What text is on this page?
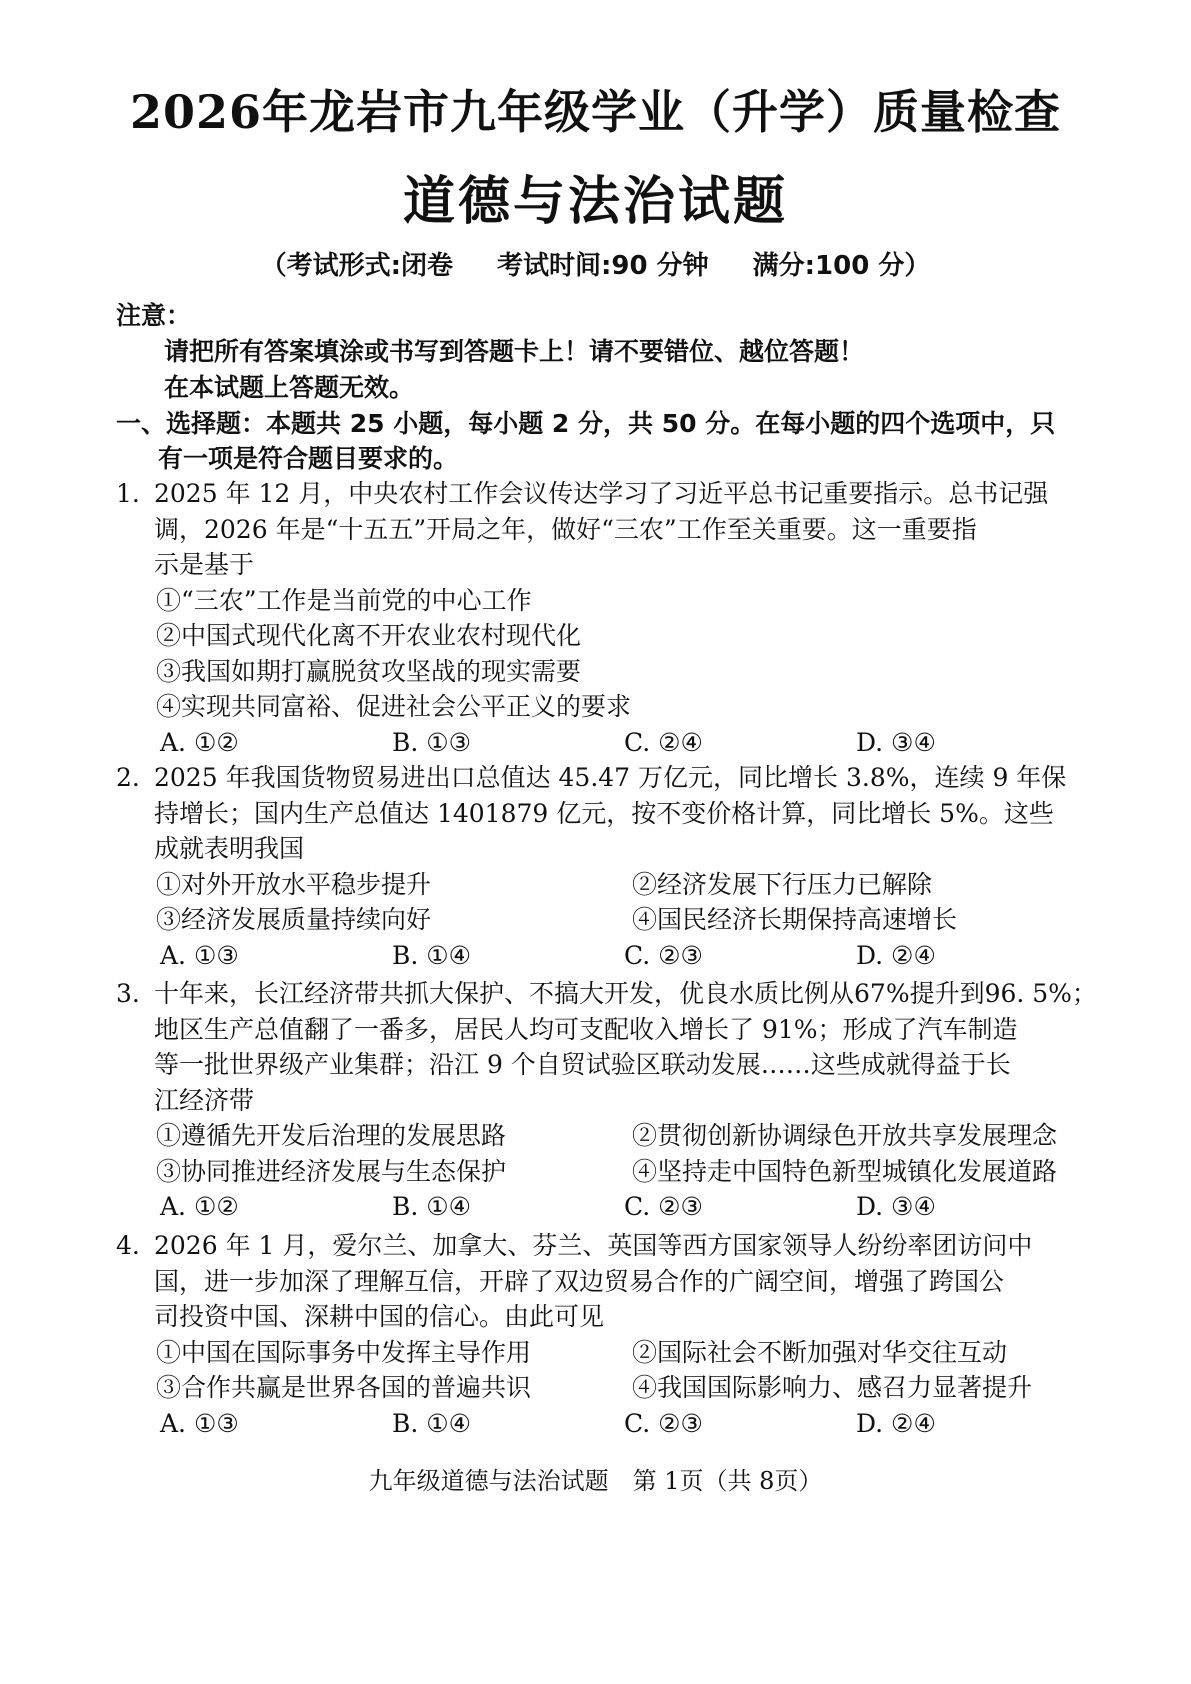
2026年龙岩市九年级学业（升学）质量检查
道德与法治试题
（考试形式:闭卷 考试时间:90 分钟 满分:100 分）
注意：
请把所有答案填涂或书写到答题卡上！请不要错位、越位答题！
在本试题上答题无效。
一、选择题：本题共 25 小题，每小题 2 分，共 50 分。在每小题的四个选项中，只
有一项是符合题目要求的。
1. 2025 年 12 月，中央农村工作会议传达学习了习近平总书记重要指示。总书记强
调，2026 年是“十五五”开局之年，做好“三农”工作至关重要。这一重要指
示是基于
①“三农”工作是当前党的中心工作
②中国式现代化离不开农业农村现代化
③我国如期打赢脱贫攻坚战的现实需要
④实现共同富裕、促进社会公平正义的要求
A. ①②	B. ①③	C. ②④	D. ③④
2. 2025 年我国货物贸易进出口总值达 45.47 万亿元，同比增长 3.8%，连续 9 年保
持增长；国内生产总值达 1401879 亿元，按不变价格计算，同比增长 5%。这些
成就表明我国
①对外开放水平稳步提升	②经济发展下行压力已解除
③经济发展质量持续向好	④国民经济长期保持高速增长
A. ①③	B. ①④	C. ②③	D. ②④
3. 十年来，长江经济带共抓大保护、不搞大开发，优良水质比例从67%提升到96. 5%；
地区生产总值翻了一番多，居民人均可支配收入增长了 91%；形成了汽车制造
等一批世界级产业集群；沿江 9 个自贸试验区联动发展……这些成就得益于长
江经济带
①遵循先开发后治理的发展思路	②贯彻创新协调绿色开放共享发展理念
③协同推进经济发展与生态保护	④坚持走中国特色新型城镇化发展道路
A. ①②	B. ①④	C. ②③	D. ③④
4. 2026 年 1 月，爱尔兰、加拿大、芬兰、英国等西方国家领导人纷纷率团访问中
国，进一步加深了理解互信，开辟了双边贸易合作的广阔空间，增强了跨国公
司投资中国、深耕中国的信心。由此可见
①中国在国际事务中发挥主导作用	②国际社会不断加强对华交往互动
③合作共赢是世界各国的普遍共识	④我国国际影响力、感召力显著提升
A. ①③	B. ①④	C. ②③	D. ②④
九年级道德与法治试题　第 1页（共 8页）
